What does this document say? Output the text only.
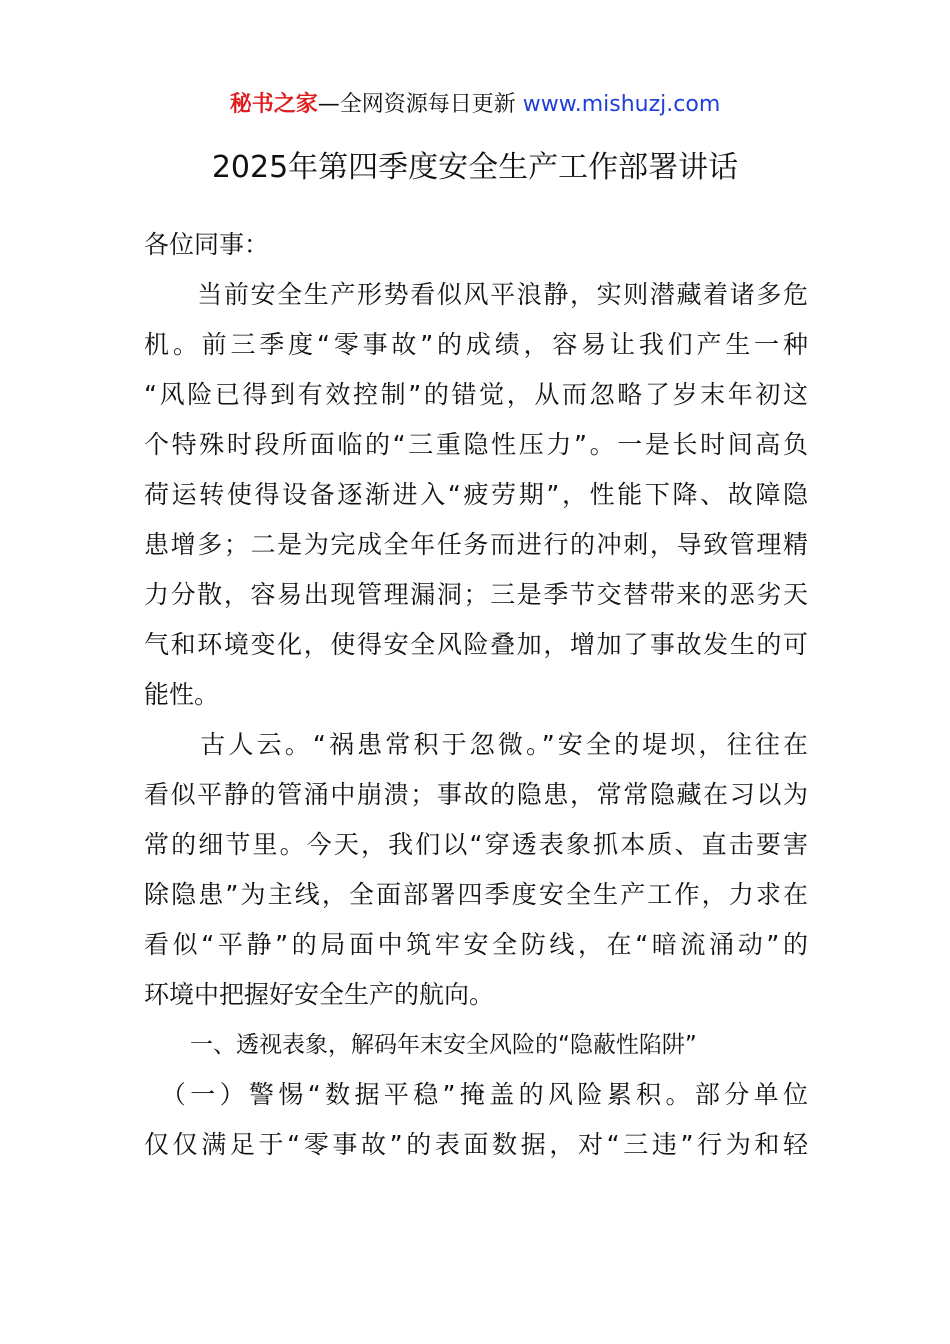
秘书之家—全网资源每日更新 www.mishuzj.com
2025年第四季度安全生产工作部署讲话
各位同事：
　　当前安全生产形势看似风平浪静，实则潜藏着诸多危
机。前三季度“零事故”的成绩，容易让我们产生一种
“风险已得到有效控制”的错觉，从而忽略了岁末年初这
个特殊时段所面临的“三重隐性压力”。一是长时间高负
荷运转使得设备逐渐进入“疲劳期”，性能下降、故障隐
患增多；二是为完成全年任务而进行的冲刺，导致管理精
力分散，容易出现管理漏洞；三是季节交替带来的恶劣天
气和环境变化，使得安全风险叠加，增加了事故发生的可
能性。
　　古人云。“祸患常积于忽微。”安全的堤坝，往往在
看似平静的管涌中崩溃；事故的隐患，常常隐藏在习以为
常的细节里。今天，我们以“穿透表象抓本质、直击要害
除隐患”为主线，全面部署四季度安全生产工作，力求在
看似“平静”的局面中筑牢安全防线，在“暗流涌动”的
环境中把握好安全生产的航向。
　　一、透视表象，解码年末安全风险的“隐蔽性陷阱”
　（一）警惕“数据平稳”掩盖的风险累积。部分单位
仅仅满足于“零事故”的表面数据，对“三违”行为和轻
